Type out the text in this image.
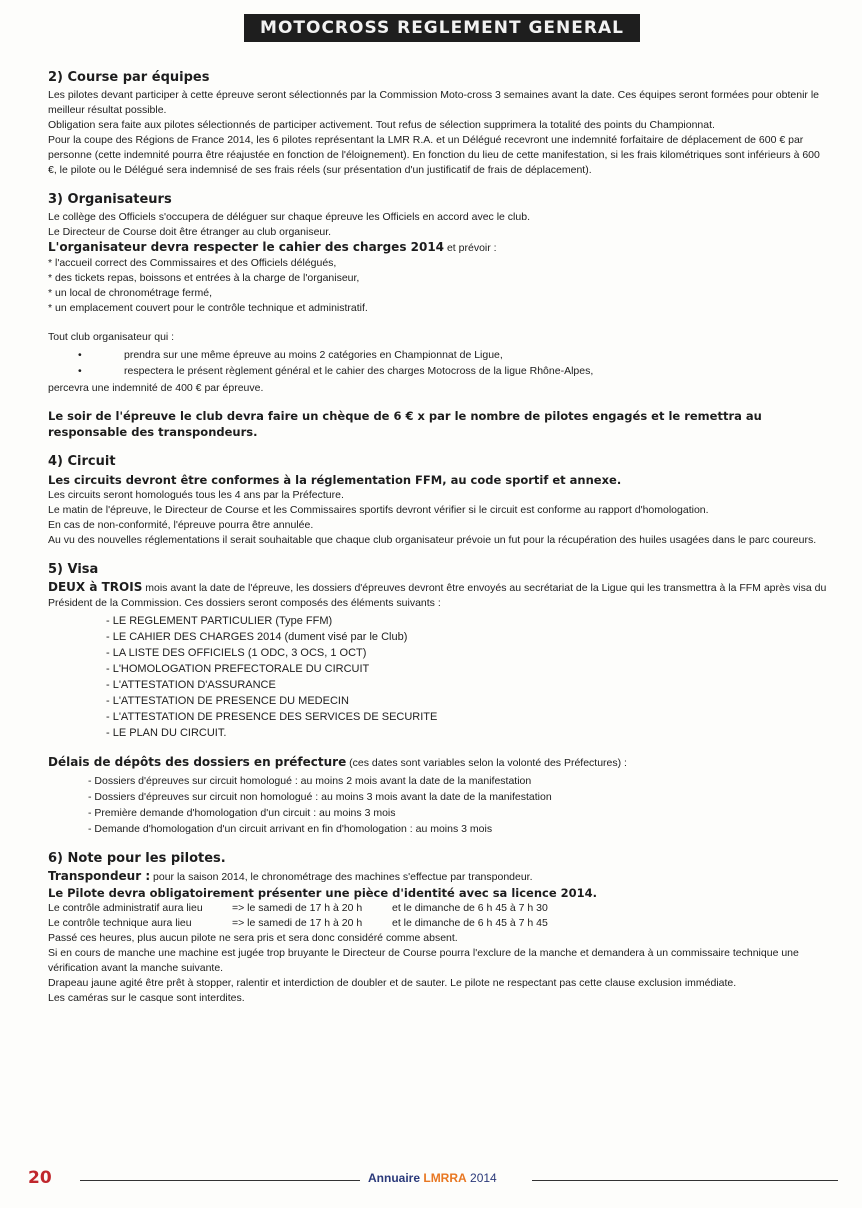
MOTOCROSS REGLEMENT GENERAL
2) Course par équipes

Les pilotes devant participer à cette épreuve seront sélectionnés par la Commission Moto-cross 3 semaines avant la date. Ces équipes seront formées pour obtenir le meilleur résultat possible.

Obligation sera faite aux pilotes sélectionnés de participer activement. Tout refus de sélection supprimera la totalité des points du Championnat.

Pour la coupe des Régions de France 2014, les 6 pilotes représentant la LMR R.A. et un Délégué recevront une indemnité forfaitaire de déplacement de 600 € par personne (cette indemnité pourra être réajustée en fonction de l'éloignement). En fonction du lieu de cette manifestation, si les frais kilométriques sont inférieurs à 600 €, le pilote ou le Délégué sera indemnisé de ses frais réels (sur présentation d'un justificatif de frais de déplacement).

3) Organisateurs

Le collège des Officiels s'occupera de déléguer sur chaque épreuve les Officiels en accord avec le club.

Le Directeur de Course doit être étranger au club organiseur.

L'organisateur devra respecter le cahier des charges 2014 et prévoir :

* l'accueil correct des Commissaires et des Officiels délégués,

* des tickets repas, boissons et entrées à la charge de l'organiseur,

* un local de chronométrage fermé,

* un emplacement couvert pour le contrôle technique et administratif.

Tout club organisateur qui :

•	prendra sur une même épreuve au moins 2 catégories en Championnat de Ligue,
•	respectera le présent règlement général et le cahier des charges Motocross de la ligue Rhône-Alpes,

percevra une indemnité de 400 € par épreuve.

Le soir de l'épreuve le club devra faire un chèque de 6 € x par le nombre de pilotes engagés et le remettra au responsable des transpondeurs.

4) Circuit

Les circuits devront être conformes à la réglementation FFM, au code sportif et annexe.

Les circuits seront homologués tous les 4 ans par la Préfecture.

Le matin de l'épreuve, le Directeur de Course et les Commissaires sportifs devront vérifier si le circuit est conforme au rapport d'homologation.

En cas de non-conformité, l'épreuve pourra être annulée.

Au vu des nouvelles réglementations il serait souhaitable que chaque club organisateur prévoie un fut pour la récupération des huiles usagées dans le parc coureurs.

5) Visa

DEUX à TROIS mois avant la date de l'épreuve, les dossiers d'épreuves devront être envoyés au secrétariat de la Ligue qui les transmettra à la FFM après visa du Président de la Commission. Ces dossiers seront composés des éléments suivants :

- LE REGLEMENT PARTICULIER (Type FFM)
- LE CAHIER DES CHARGES 2014 (dument visé par le Club)
- LA LISTE DES OFFICIELS (1 ODC, 3 OCS, 1 OCT)
- L'HOMOLOGATION PREFECTORALE DU CIRCUIT
- L'ATTESTATION D'ASSURANCE
- L'ATTESTATION DE PRESENCE DU MEDECIN
- L'ATTESTATION DE PRESENCE DES SERVICES DE SECURITE
- LE PLAN DU CIRCUIT.

Délais de dépôts des dossiers en préfecture (ces dates sont variables selon la volonté des Préfectures) :

- Dossiers d'épreuves sur circuit homologué : au moins 2 mois avant la date de la manifestation
- Dossiers d'épreuves sur circuit non homologué : au moins 3 mois avant la date de la manifestation
- Première demande d'homologation d'un circuit : au moins 3 mois
- Demande d'homologation d'un circuit arrivant en fin d'homologation : au moins 3 mois
6) Note pour les pilotes.

Transpondeur : pour la saison 2014, le chronométrage des machines s'effectue par transpondeur.

Le Pilote devra obligatoirement présenter une pièce d'identité avec sa licence 2014.

Le contrôle administratif aura lieu	=> le samedi de 17 h à 20 h	et le dimanche de 6 h 45 à 7 h 30
Le contrôle technique aura lieu	=> le samedi de 17 h à 20 h	et le dimanche de 6 h 45 à 7 h 45

Passé ces heures, plus aucun pilote ne sera pris et sera donc considéré comme absent.

Si en cours de manche une machine est jugée trop bruyante le Directeur de Course pourra l'exclure de la manche et demandera à un commissaire technique une vérification avant la manche suivante.

Drapeau jaune agité être prêt à stopper, ralentir et interdiction de doubler et de sauter. Le pilote ne respectant pas cette clause exclusion immédiate.

Les caméras sur le casque sont interdites.

20	Annuaire LMRRA 2014
